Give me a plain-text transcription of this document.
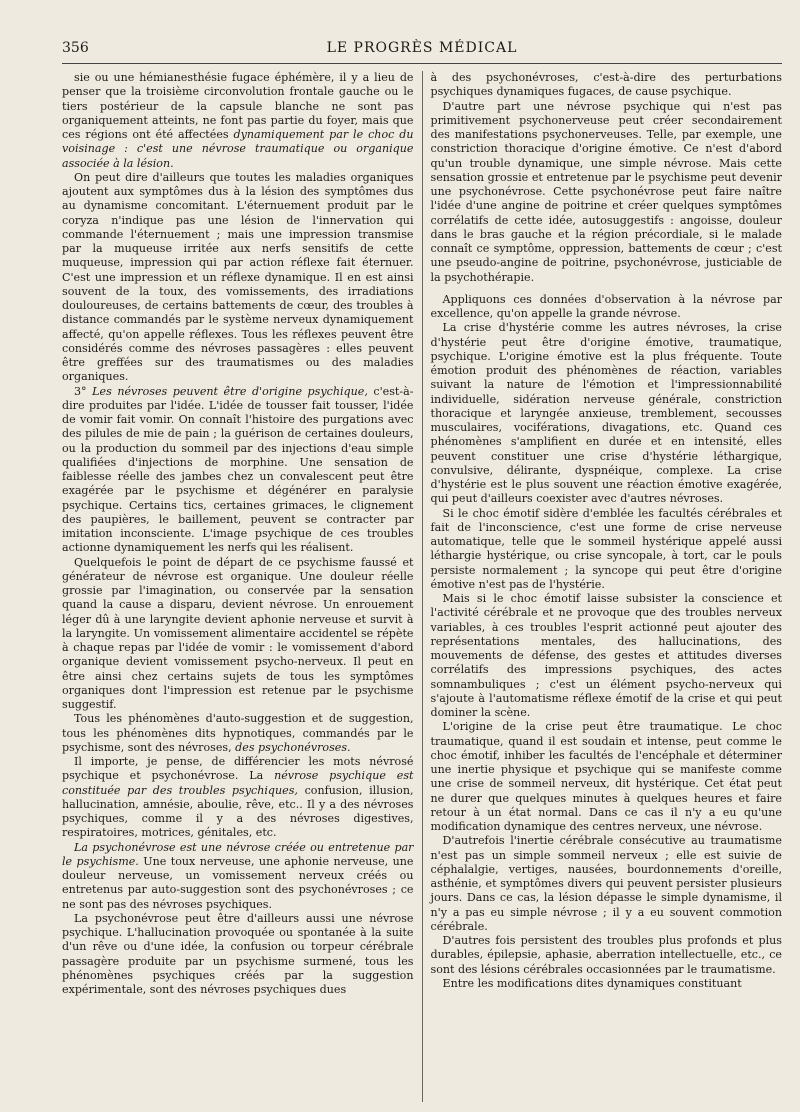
356	LE PROGRÈS MÉDICAL

sie ou une hémianesthésie fugace éphémère, il y a lieu de penser que la troisième circonvolution frontale gauche ou le tiers postérieur de la capsule blanche ne sont pas organiquement atteints, ne font pas partie du foyer, mais que ces régions ont été affectées dynamiquement par le choc du voisinage : c'est une névrose traumatique ou organique associée à la lésion.

On peut dire d'ailleurs que toutes les maladies organiques ajoutent aux symptômes dus à la lésion des symptômes dus au dynamisme concomitant. L'éternuement produit par le coryza n'indique pas une lésion de l'innervation qui commande l'éternuement ; mais une impression transmise par la muqueuse irritée aux nerfs sensitifs de cette muqueuse, impression qui par action réflexe fait éternuer. C'est une impression et un réflexe dynamique. Il en est ainsi souvent de la toux, des vomissements, des irradiations douloureuses, de certains battements de cœur, des troubles à distance commandés par le système nerveux dynamiquement affecté, qu'on appelle réflexes. Tous les réflexes peuvent être considérés comme des névroses passagères : elles peuvent être greffées sur des traumatismes ou des maladies organiques.

3° Les névroses peuvent être d'origine psychique, c'est-à-dire produites par l'idée. L'idée de tousser fait tousser, l'idée de vomir fait vomir. On connaît l'histoire des purgations avec des pilules de mie de pain ; la guérison de certaines douleurs, ou la production du sommeil par des injections d'eau simple qualifiées d'injections de morphine. Une sensation de faiblesse réelle des jambes chez un convalescent peut être exagérée par le psychisme et dégénérer en paralysie psychique. Certains tics, certaines grimaces, le clignement des paupières, le baillement, peuvent se contracter par imitation inconsciente. L'image psychique de ces troubles actionne dynamiquement les nerfs qui les réalisent.

Quelquefois le point de départ de ce psychisme faussé et générateur de névrose est organique. Une douleur réelle grossie par l'imagination, ou conservée par la sensation quand la cause a disparu, devient névrose. Un enrouement léger dû à une laryngite devient aphonie nerveuse et survit à la laryngite. Un vomissement alimentaire accidentel se répète à chaque repas par l'idée de vomir : le vomissement d'abord organique devient vomissement psycho-nerveux. Il peut en être ainsi chez certains sujets de tous les symptômes organiques dont l'impression est retenue par le psychisme suggestif.

Tous les phénomènes d'auto-suggestion et de suggestion, tous les phénomènes dits hypnotiques, commandés par le psychisme, sont des névroses, des psychonévroses.

Il importe, je pense, de différencier les mots névrosé psychique et psychonévrose. La névrose psychique est constituée par des troubles psychiques, confusion, illusion, hallucination, amnésie, aboulie, rêve, etc.. Il y a des névroses psychiques, comme il y a des névroses digestives, respiratoires, motrices, génitales, etc.

La psychonévrose est une névrose créée ou entretenue par le psychisme. Une toux nerveuse, une aphonie nerveuse, une douleur nerveuse, un vomissement nerveux créés ou entretenus par auto-suggestion sont des psychonévroses ; ce ne sont pas des névroses psychiques.

La psychonévrose peut être d'ailleurs aussi une névrose psychique. L'hallucination provoquée ou spontanée à la suite d'un rêve ou d'une idée, la confusion ou torpeur cérébrale passagère produite par un psychisme surmené, tous les phénomènes psychiques créés par la suggestion expérimentale, sont des névroses psychiques dues

à des psychonévroses, c'est-à-dire des perturbations psychiques dynamiques fugaces, de cause psychique.

D'autre part une névrose psychique qui n'est pas primitivement psychonerveuse peut créer secondairement des manifestations psychonerveuses. Telle, par exemple, une constriction thoracique d'origine émotive. Ce n'est d'abord qu'un trouble dynamique, une simple névrose. Mais cette sensation grossie et entretenue par le psychisme peut devenir une psychonévrose. Cette psychonévrose peut faire naître l'idée d'une angine de poitrine et créer quelques symptômes corrélatifs de cette idée, autosuggestifs : angoisse, douleur dans le bras gauche et la région précordiale, si le malade connaît ce symptôme, oppression, battements de cœur ; c'est une pseudo-angine de poitrine, psychonévrose, justiciable de la psychothérapie.

Appliquons ces données d'observation à la névrose par excellence, qu'on appelle la grande névrose.

La crise d'hystérie comme les autres névroses, la crise d'hystérie peut être d'origine émotive, traumatique, psychique. L'origine émotive est la plus fréquente. Toute émotion produit des phénomènes de réaction, variables suivant la nature de l'émotion et l'impressionnabilité individuelle, sidération nerveuse générale, constriction thoracique et laryngée anxieuse, tremblement, secousses musculaires, vociférations, divagations, etc. Quand ces phénomènes s'amplifient en durée et en intensité, elles peuvent constituer une crise d'hystérie léthargique, convulsive, délirante, dyspnéique, complexe. La crise d'hystérie est le plus souvent une réaction émotive exagérée, qui peut d'ailleurs coexister avec d'autres névroses.

Si le choc émotif sidère d'emblée les facultés cérébrales et fait de l'inconscience, c'est une forme de crise nerveuse automatique, telle que le sommeil hystérique appelé aussi léthargie hystérique, ou crise syncopale, à tort, car le pouls persiste normalement ; la syncope qui peut être d'origine émotive n'est pas de l'hystérie.

Mais si le choc émotif laisse subsister la conscience et l'activité cérébrale et ne provoque que des troubles nerveux variables, à ces troubles l'esprit actionné peut ajouter des représentations mentales, des hallucinations, des mouvements de défense, des gestes et attitudes diverses corrélatifs des impressions psychiques, des actes somnambuliques ; c'est un élément psycho-nerveux qui s'ajoute à l'automatisme réflexe émotif de la crise et qui peut dominer la scène.

L'origine de la crise peut être traumatique. Le choc traumatique, quand il est soudain et intense, peut comme le choc émotif, inhiber les facultés de l'encéphale et déterminer une inertie physique et psychique qui se manifeste comme une crise de sommeil nerveux, dit hystérique. Cet état peut ne durer que quelques minutes à quelques heures et faire retour à un état normal. Dans ce cas il n'y a eu qu'une modification dynamique des centres nerveux, une névrose.

D'autrefois l'inertie cérébrale consécutive au traumatisme n'est pas un simple sommeil nerveux ; elle est suivie de céphalalgie, vertiges, nausées, bourdonnements d'oreille, asthénie, et symptômes divers qui peuvent persister plusieurs jours. Dans ce cas, la lésion dépasse le simple dynamisme, il n'y a pas eu simple névrose ; il y a eu souvent commotion cérébrale.

D'autres fois persistent des troubles plus profonds et plus durables, épilepsie, aphasie, aberration intellectuelle, etc., ce sont des lésions cérébrales occasionnées par le traumatisme.

Entre les modifications dites dynamiques constituant
